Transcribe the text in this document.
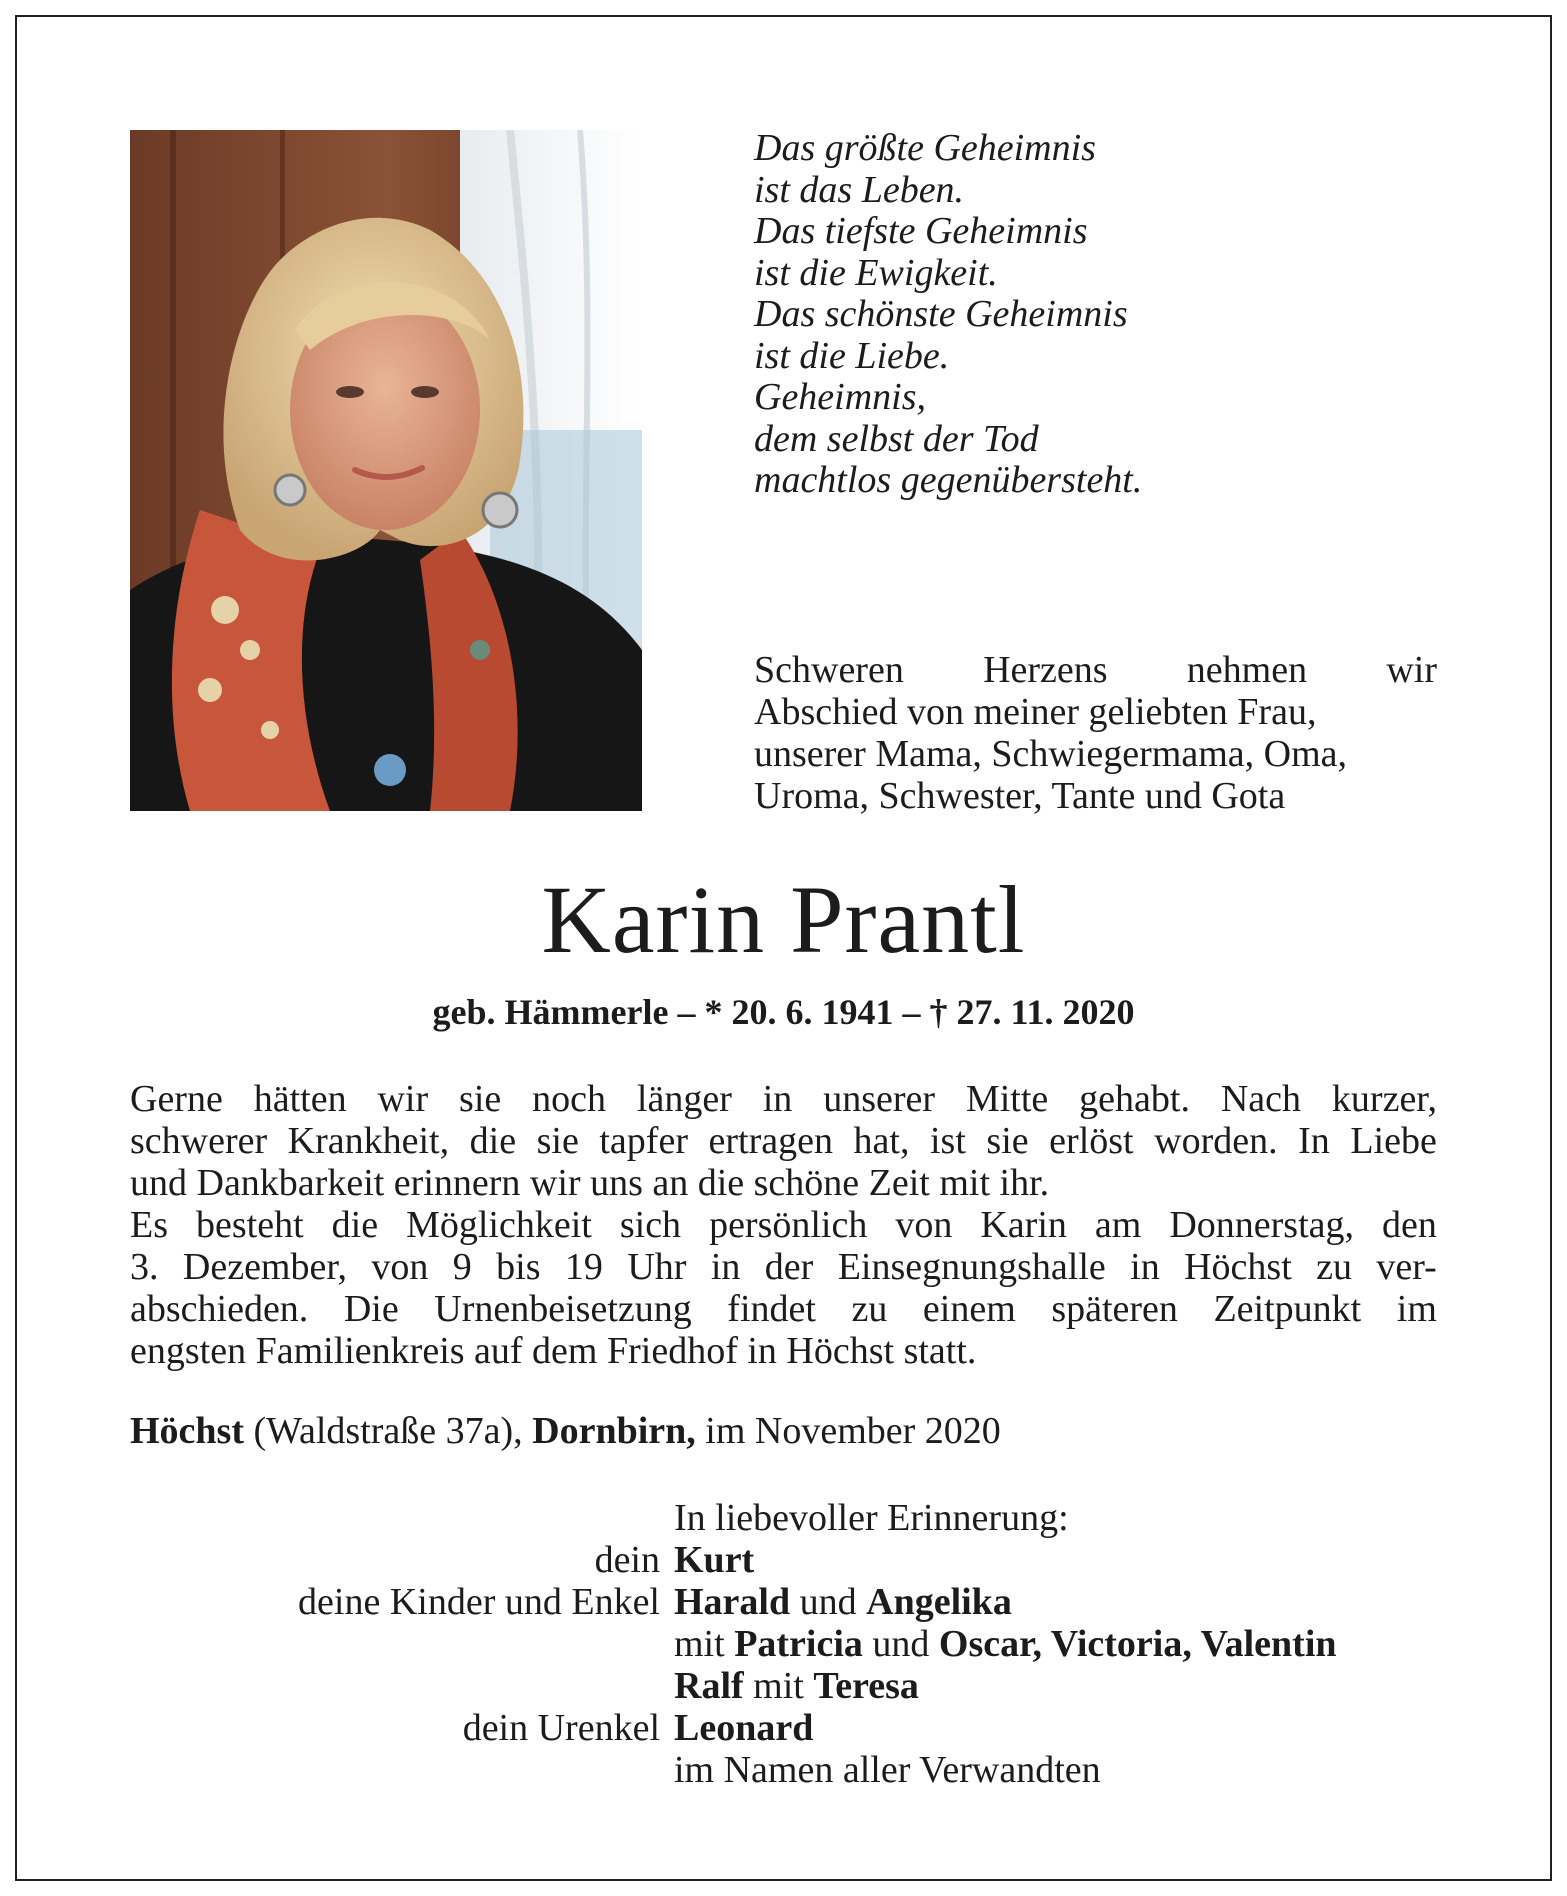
Das größte Geheimnis
ist das Leben.
Das tiefste Geheimnis
ist die Ewigkeit.
Das schönste Geheimnis
ist die Liebe.
Geheimnis,
dem selbst der Tod
machtlos gegenübersteht.
Schweren Herzens nehmen wir
Abschied von meiner geliebten Frau,
unserer Mama, Schwiegermama, Oma,
Uroma, Schwester, Tante und Gota
Karin Prantl
geb. Hämmerle – * 20. 6. 1941 – † 27. 11. 2020
Gerne hätten wir sie noch länger in unserer Mitte gehabt. Nach kurzer,
schwerer Krankheit, die sie tapfer ertragen hat, ist sie erlöst worden. In Liebe
und Dankbarkeit erinnern wir uns an die schöne Zeit mit ihr.
Es besteht die Möglichkeit sich persönlich von Karin am Donnerstag, den
3. Dezember, von 9 bis 19 Uhr in der Einsegnungshalle in Höchst zu ver-
abschieden. Die Urnenbeisetzung findet zu einem späteren Zeitpunkt im
engsten Familienkreis auf dem Friedhof in Höchst statt.
Höchst (Waldstraße 37a), Dornbirn, im November 2020
In liebevoller Erinnerung:
dein Kurt
deine Kinder und Enkel Harald und Angelika
mit Patricia und Oscar, Victoria, Valentin
Ralf mit Teresa
dein Urenkel Leonard
im Namen aller Verwandten
